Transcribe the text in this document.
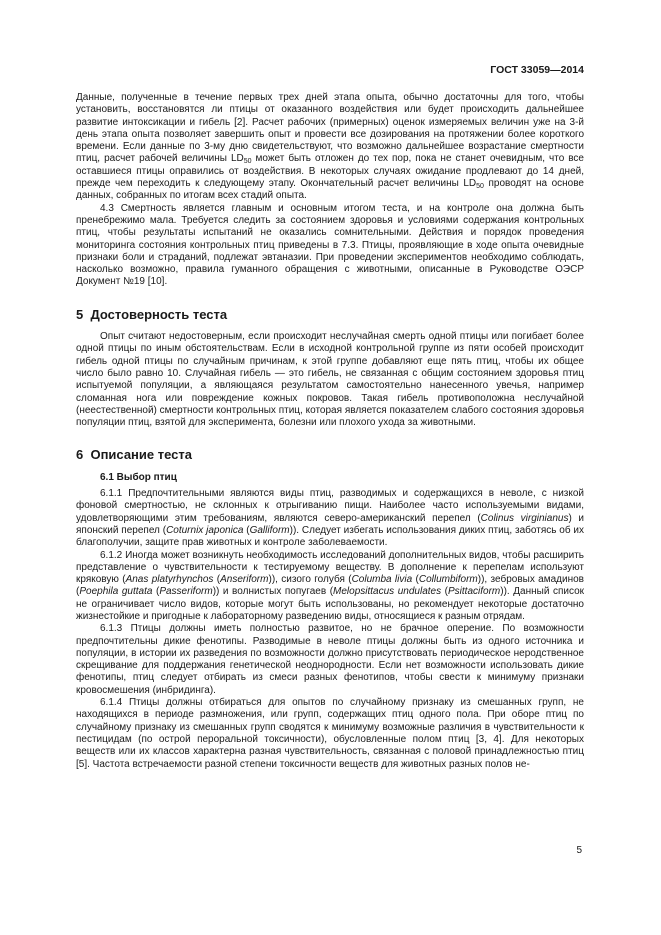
ГОСТ 33059—2014

Данные, полученные в течение первых трех дней этапа опыта, обычно достаточны для того, чтобы установить, восстановятся ли птицы от оказанного воздействия или будет происходить дальнейшее развитие интоксикации и гибель [2]. Расчет рабочих (примерных) оценок измеряемых величин уже на 3-й день этапа опыта позволяет завершить опыт и провести все дозирования на протяжении более короткого времени. Если данные по 3-му дню свидетельствуют, что возможно дальнейшее возрастание смертности птиц, расчет рабочей величины $LD_{50}$ может быть отложен до тех пор, пока не станет очевидным, что все оставшиеся птицы оправились от воздействия. В некоторых случаях ожидание продлевают до 14 дней, прежде чем переходить к следующему этапу. Окончательный расчет величины $LD_{50}$ проводят на основе данных, собранных по итогам всех стадий опыта.

4.3 Смертность является главным и основным итогом теста, и на контроле она должна быть пренебрежимо мала. Требуется следить за состоянием здоровья и условиями содержания контрольных птиц, чтобы результаты испытаний не оказались сомнительными. Действия и порядок проведения мониторинга состояния контрольных птиц приведены в 7.3. Птицы, проявляющие в ходе опыта очевидные признаки боли и страданий, подлежат эвтаназии. При проведении экспериментов необходимо соблюдать, насколько возможно, правила гуманного обращения с животными, описанные в Руководстве ОЭСР Документ №19 [10].

5 Достоверность теста

Опыт считают недостоверным, если происходит неслучайная смерть одной птицы или погибает более одной птицы по иным обстоятельствам. Если в исходной контрольной группе из пяти особей происходит гибель одной птицы по случайным причинам, к этой группе добавляют еще пять птиц, чтобы их общее число было равно 10. Случайная гибель — это гибель, не связанная с общим состоянием здоровья птиц испытуемой популяции, а являющаяся результатом самостоятельно нанесенного увечья, например сломанная нога или повреждение кожных покровов. Такая гибель противоположна неслучайной (неестественной) смертности контрольных птиц, которая является показателем слабого состояния здоровья популяции птиц, взятой для эксперимента, болезни или плохого ухода за животными.

6 Описание теста

6.1 Выбор птиц

6.1.1 Предпочтительными являются виды птиц, разводимых и содержащихся в неволе, с низкой фоновой смертностью, не склонных к отрыгиванию пищи. Наиболее часто используемыми видами, удовлетворяющими этим требованиям, являются северо-американский перепел (Colinus virginianus) и японский перепел (Coturnix japonica (Galliform)). Следует избегать использования диких птиц, заботясь об их благополучии, защите прав животных и контроле заболеваемости.

6.1.2 Иногда может возникнуть необходимость исследований дополнительных видов, чтобы расширить представление о чувствительности к тестируемому веществу. В дополнение к перепелам используют кряковую (Anas platyrhynchos (Anseriform)), сизого голубя (Columba livia (Collumbiform)), зебровых амадинов (Poephila guttata (Passeriform)) и волнистых попугаев (Melopsittacus undulates (Psittaciform)). Данный список не ограничивает число видов, которые могут быть использованы, но рекомендует некоторые достаточно жизнестойкие и пригодные к лабораторному разведению виды, относящиеся к разным отрядам.

6.1.3 Птицы должны иметь полностью развитое, но не брачное оперение. По возможности предпочтительны дикие фенотипы. Разводимые в неволе птицы должны быть из одного источника и популяции, в истории их разведения по возможности должно присутствовать периодическое неродственное скрещивание для поддержания генетической неоднородности. Если нет возможности использовать дикие фенотипы, птиц следует отбирать из смеси разных фенотипов, чтобы свести к минимуму признаки кровосмешения (инбридинга).

6.1.4 Птицы должны отбираться для опытов по случайному признаку из смешанных групп, не находящихся в периоде размножения, или групп, содержащих птиц одного пола. При оборе птиц по случайному признаку из смешанных групп сводятся к минимуму возможные различия в чувствительности к пестицидам (по острой пероральной токсичности), обусловленные полом птиц [3, 4]. Для некоторых веществ или их классов характерна разная чувствительность, связанная с половой принадлежностью птиц [5]. Частота встречаемости разной степени токсичности веществ для животных разных полов не-

5
